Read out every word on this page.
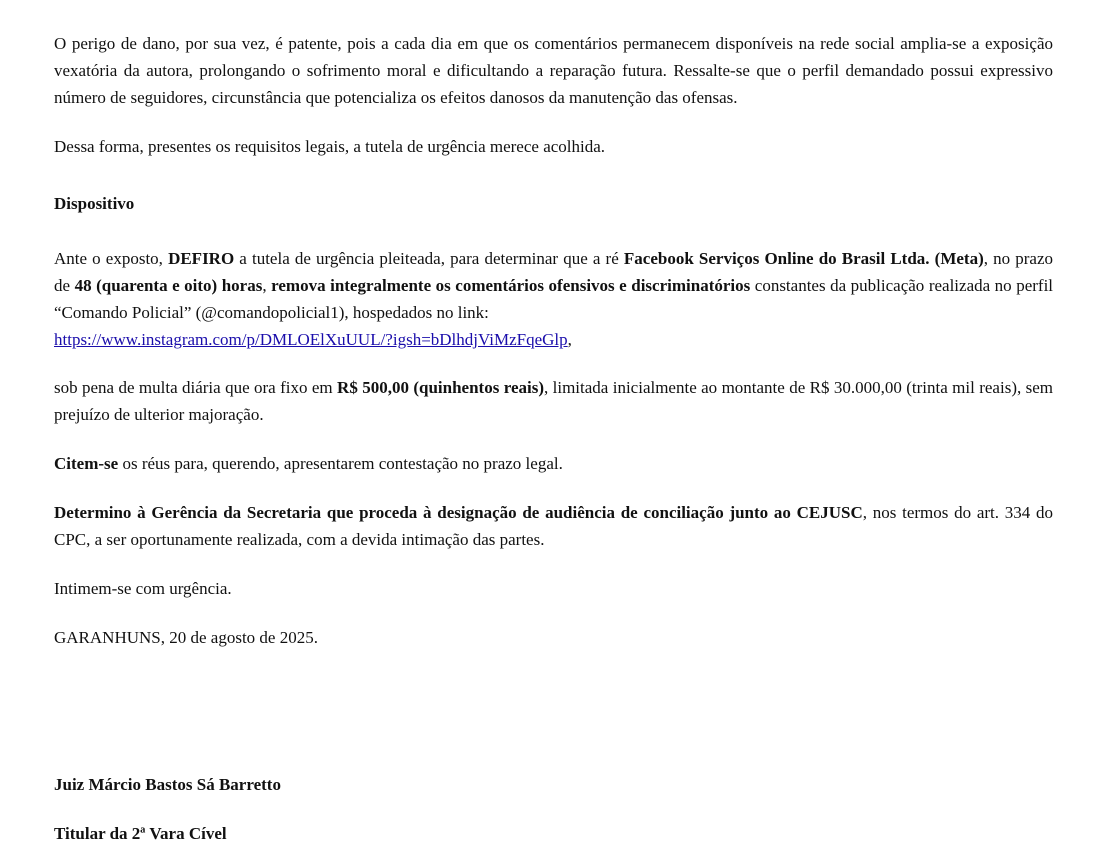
O perigo de dano, por sua vez, é patente, pois a cada dia em que os comentários permanecem disponíveis na rede social amplia-se a exposição vexatória da autora, prolongando o sofrimento moral e dificultando a reparação futura. Ressalte-se que o perfil demandado possui expressivo número de seguidores, circunstância que potencializa os efeitos danosos da manutenção das ofensas.

Dessa forma, presentes os requisitos legais, a tutela de urgência merece acolhida.

Dispositivo

Ante o exposto, DEFIRO a tutela de urgência pleiteada, para determinar que a ré Facebook Serviços Online do Brasil Ltda. (Meta), no prazo de 48 (quarenta e oito) horas, remova integralmente os comentários ofensivos e discriminatórios constantes da publicação realizada no perfil “Comando Policial” (@comandopolicial1), hospedados no link:
https://www.instagram.com/p/DMLOElXuUUL/?igsh=bDlhdjViMzFqeGlp,

sob pena de multa diária que ora fixo em R$ 500,00 (quinhentos reais), limitada inicialmente ao montante de R$ 30.000,00 (trinta mil reais), sem prejuízo de ulterior majoração.

Citem-se os réus para, querendo, apresentarem contestação no prazo legal.

Determino à Gerência da Secretaria que proceda à designação de audiência de conciliação junto ao CEJUSC, nos termos do art. 334 do CPC, a ser oportunamente realizada, com a devida intimação das partes.

Intimem-se com urgência.

GARANHUNS, 20 de agosto de 2025.

Juiz Márcio Bastos Sá Barretto

Titular da 2ª Vara Cível
